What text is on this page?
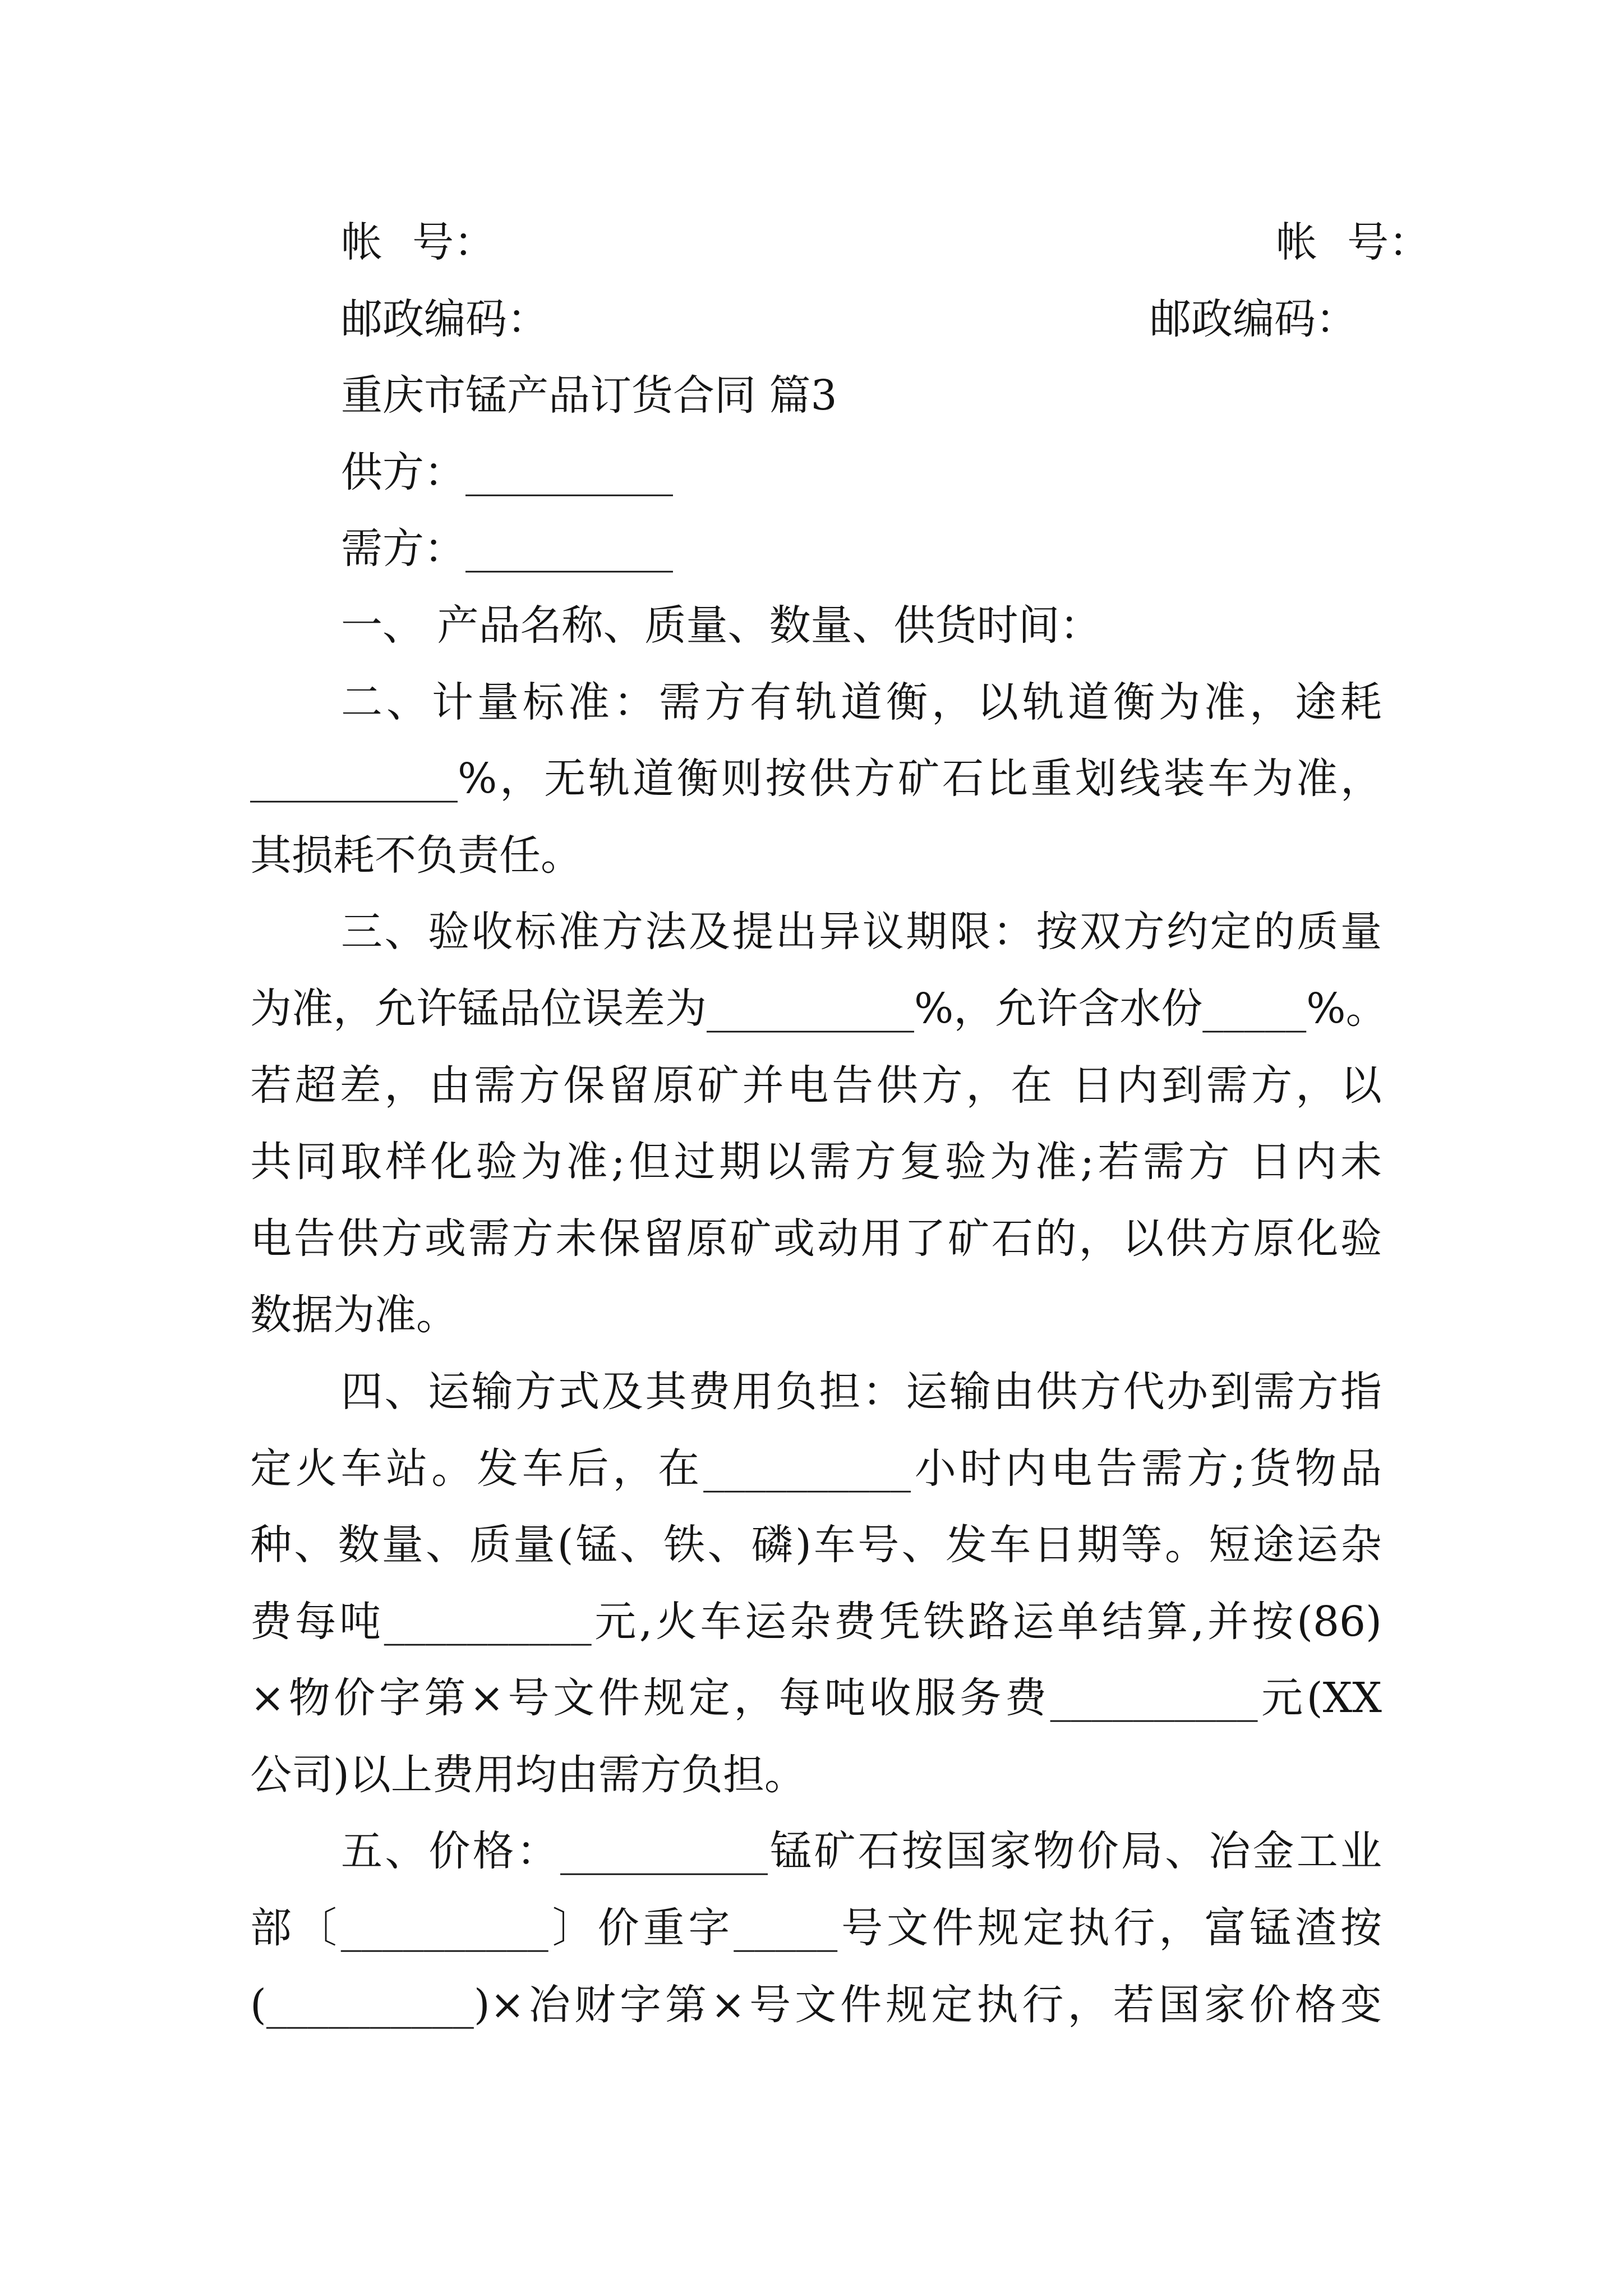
帐 号：	帐 号：
邮政编码：	邮政编码：
重庆市锰产品订货合同 篇3
供方：__________
需方：__________
一、 产品名称、质量、数量、供货时间：
二、计量标准：需方有轨道衡，以轨道衡为准，途耗
__________%，无轨道衡则按供方矿石比重划线装车为准，
其损耗不负责任。
三、验收标准方法及提出异议期限：按双方约定的质量
为准，允许锰品位误差为__________%，允许含水份_____%。
若超差，由需方保留原矿并电告供方，在 日内到需方，以
共同取样化验为准;但过期以需方复验为准;若需方 日内未
电告供方或需方未保留原矿或动用了矿石的，以供方原化验
数据为准。
四、运输方式及其费用负担：运输由供方代办到需方指
定火车站。发车后，在__________小时内电告需方;货物品
种、数量、质量(锰、铁、磷)车号、发车日期等。短途运杂
费每吨__________元,火车运杂费凭铁路运单结算,并按(86)
×物价字第×号文件规定，每吨收服务费__________元(XX
公司)以上费用均由需方负担。
五、价格：__________锰矿石按国家物价局、冶金工业
部〔__________〕价重字_____号文件规定执行，富锰渣按
(__________)×冶财字第×号文件规定执行，若国家价格变
